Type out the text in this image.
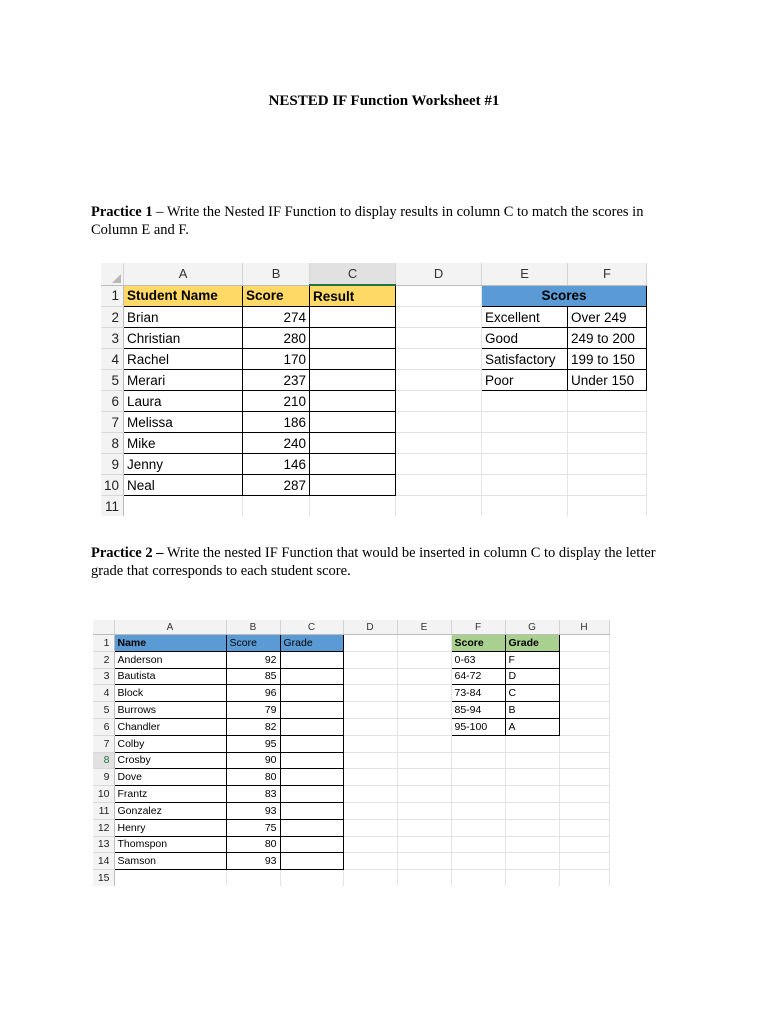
NESTED IF Function Worksheet #1
Practice 1 – Write the Nested IF Function to display results in column C to match the scores in Column E and F.
Practice 2 – Write the nested IF Function that would be inserted in column C to display the letter grade that corresponds to each student score.
	A	B	C	D	E	F
1	Student Name	Score	Result		Scores	
2	Brian	274			Excellent	Over 249
3	Christian	280			Good	249 to 200
4	Rachel	170			Satisfactory	199 to 150
5	Merari	237			Poor	Under 150
6	Laura	210				
7	Melissa	186				
8	Mike	240				
9	Jenny	146				
10	Neal	287				
11						
	A	B	C	D	E	F	G	H
1	Name	Score	Grade			Score	Grade	
2	Anderson	92				0-63	F	
3	Bautista	85				64-72	D	
4	Block	96				73-84	C	
5	Burrows	79				85-94	B	
6	Chandler	82				95-100	A	
7	Colby	95						
8	Crosby	90						
9	Dove	80						
10	Frantz	83						
11	Gonzalez	93						
12	Henry	75						
13	Thomspon	80						
14	Samson	93						
15								
